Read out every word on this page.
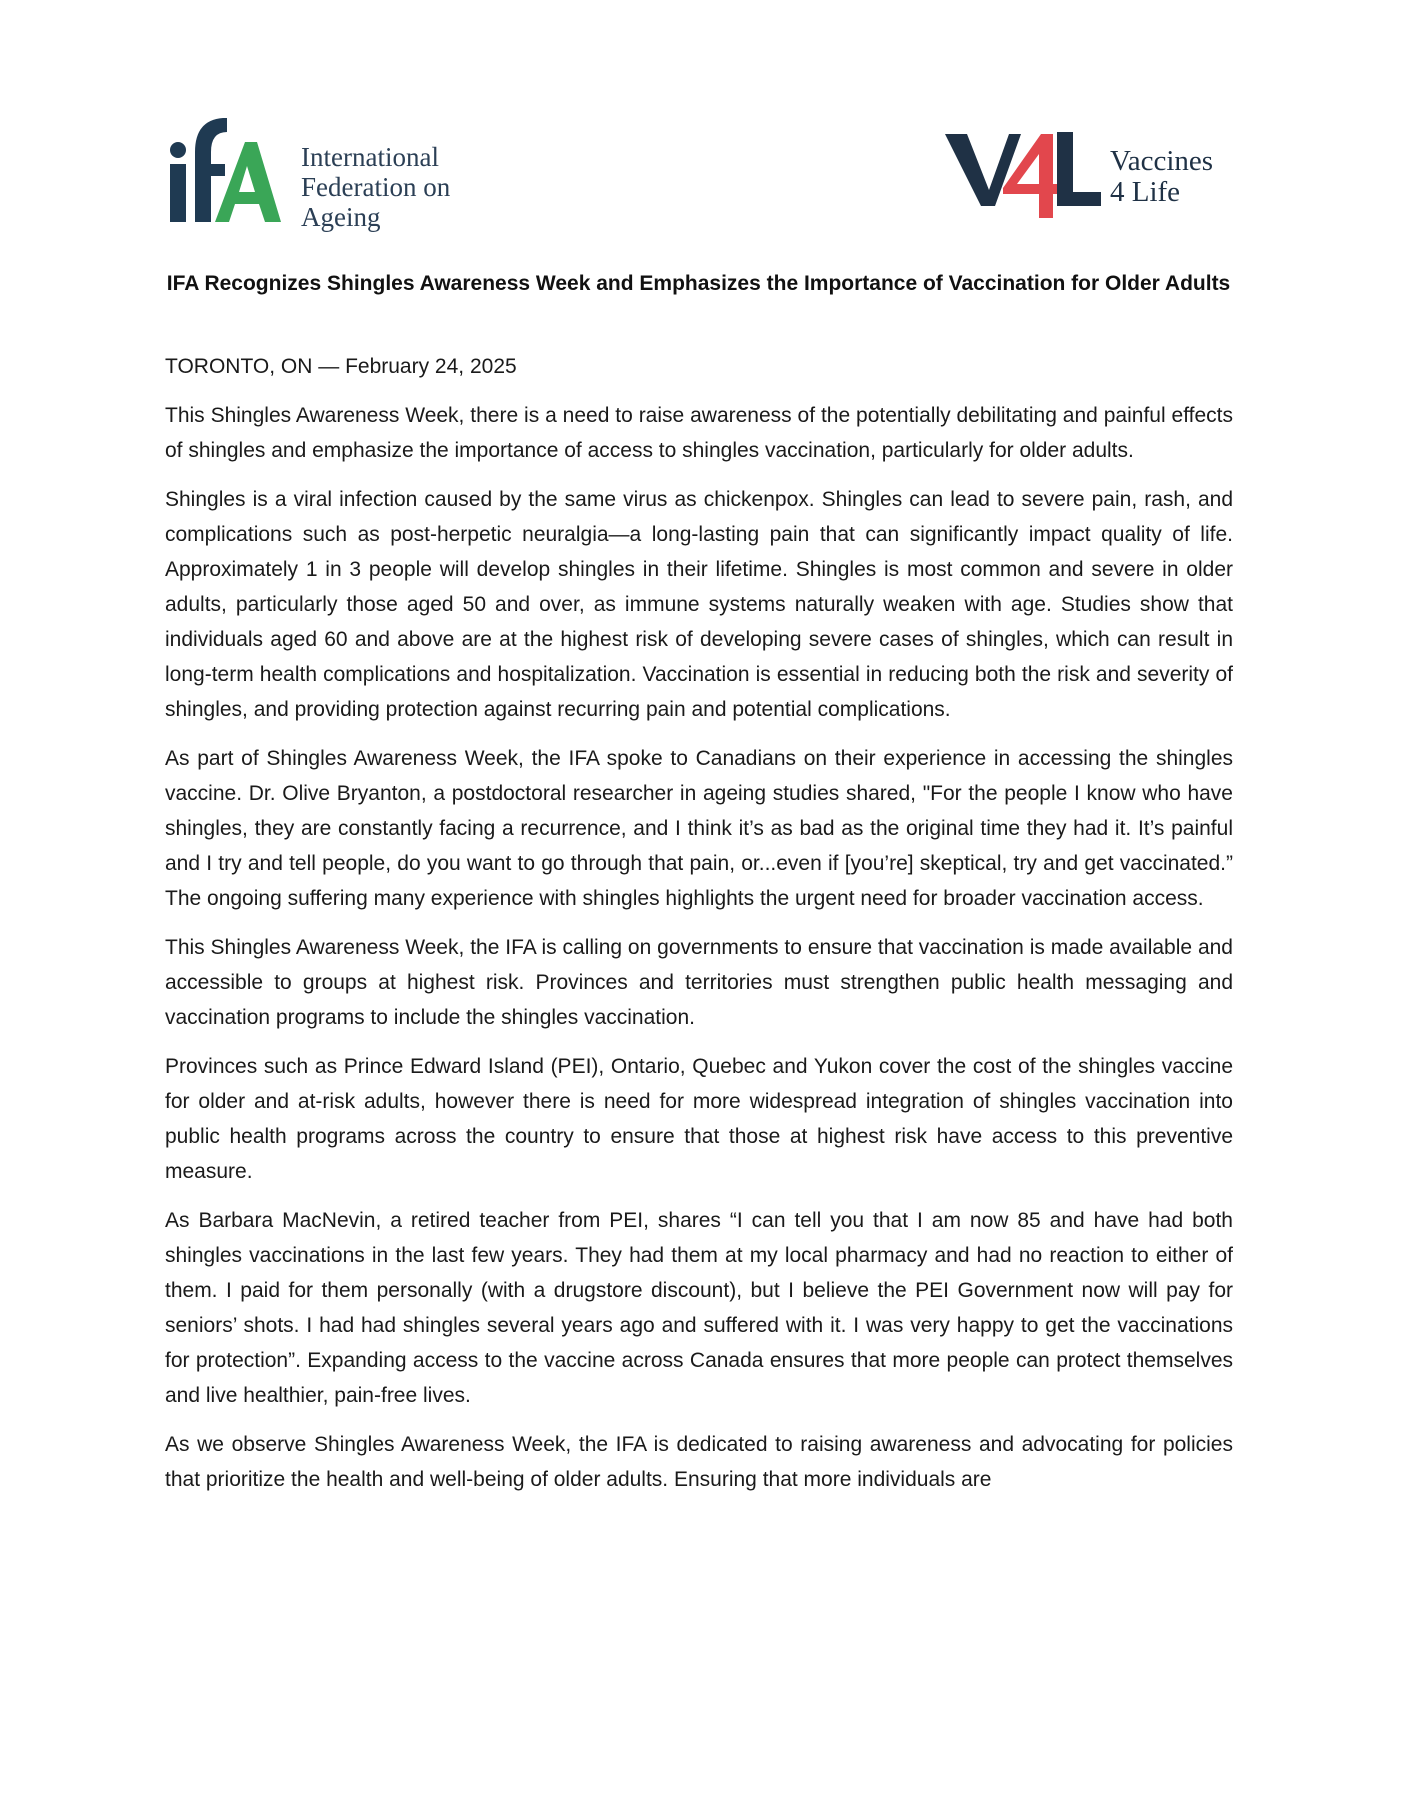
International
Federation on
Ageing
Vaccines
4 Life
IFA Recognizes Shingles Awareness Week and Emphasizes the Importance of Vaccination for Older Adults

TORONTO, ON — February 24, 2025

This Shingles Awareness Week, there is a need to raise awareness of the potentially debilitating and painful effects of shingles and emphasize the importance of access to shingles vaccination, particularly for older adults.

Shingles is a viral infection caused by the same virus as chickenpox. Shingles can lead to severe pain, rash, and complications such as post-herpetic neuralgia—a long-lasting pain that can significantly impact quality of life. Approximately 1 in 3 people will develop shingles in their lifetime. Shingles is most common and severe in older adults, particularly those aged 50 and over, as immune systems naturally weaken with age. Studies show that individuals aged 60 and above are at the highest risk of developing severe cases of shingles, which can result in long-term health complications and hospitalization. Vaccination is essential in reducing both the risk and severity of shingles, and providing protection against recurring pain and potential complications.

As part of Shingles Awareness Week, the IFA spoke to Canadians on their experience in accessing the shingles vaccine. Dr. Olive Bryanton, a postdoctoral researcher in ageing studies shared, "For the people I know who have shingles, they are constantly facing a recurrence, and I think it’s as bad as the original time they had it. It’s painful and I try and tell people, do you want to go through that pain, or...even if [you’re] skeptical, try and get vaccinated.” The ongoing suffering many experience with shingles highlights the urgent need for broader vaccination access.

This Shingles Awareness Week, the IFA is calling on governments to ensure that vaccination is made available and accessible to groups at highest risk. Provinces and territories must strengthen public health messaging and vaccination programs to include the shingles vaccination.

Provinces such as Prince Edward Island (PEI), Ontario, Quebec and Yukon cover the cost of the shingles vaccine for older and at-risk adults, however there is need for more widespread integration of shingles vaccination into public health programs across the country to ensure that those at highest risk have access to this preventive measure.

As Barbara MacNevin, a retired teacher from PEI, shares “I can tell you that I am now 85 and have had both shingles vaccinations in the last few years. They had them at my local pharmacy and had no reaction to either of them. I paid for them personally (with a drugstore discount), but I believe the PEI Government now will pay for seniors’ shots. I had had shingles several years ago and suffered with it. I was very happy to get the vaccinations for protection”. Expanding access to the vaccine across Canada ensures that more people can protect themselves and live healthier, pain-free lives.

As we observe Shingles Awareness Week, the IFA is dedicated to raising awareness and advocating for policies that prioritize the health and well-being of older adults. Ensuring that more individuals are
